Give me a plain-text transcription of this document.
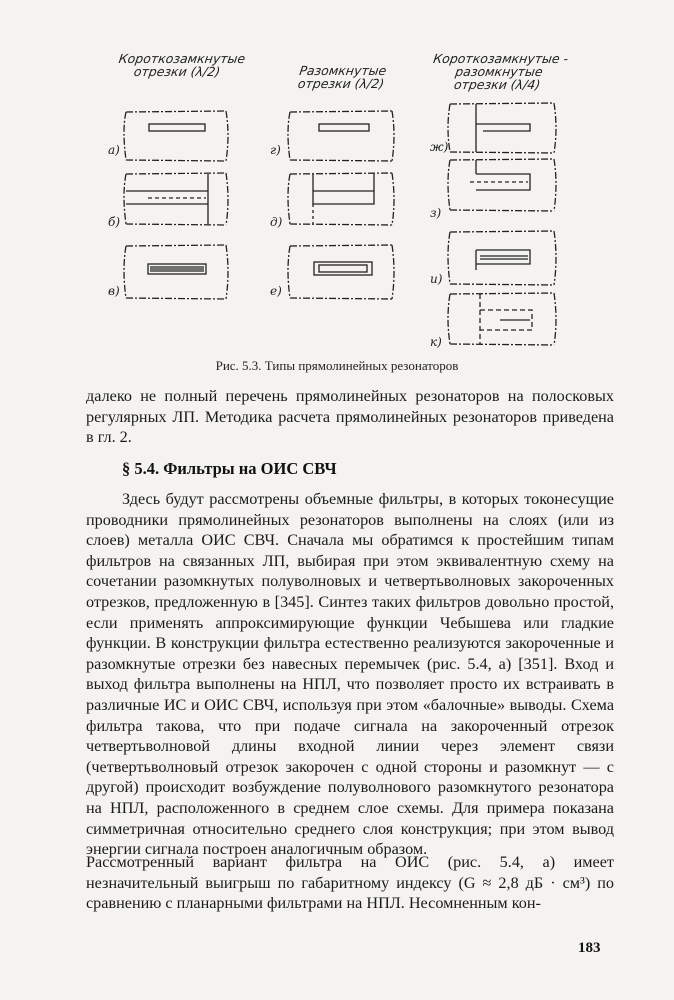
Короткозамкнутые
отрезки (λ/2)	Разомкнутые
отрезки (λ/2)
Короткозамкнутые -
разомкнутые
отрезки (λ/4)
а)
б)
в)
г)
д)
е)
ж)
з)
и)
к)
Рис. 5.3. Типы прямолинейных резонаторов

далеко не полный перечень прямолинейных резонаторов на полосковых регулярных ЛП. Методика расчета прямолинейных резонаторов приведена в гл. 2.

§ 5.4. Фильтры на ОИС СВЧ

Здесь будут рассмотрены объемные фильтры, в которых токонесущие проводники прямолинейных резонаторов выполнены на слоях (или из слоев) металла ОИС СВЧ. Сначала мы обратимся к простейшим типам фильтров на связанных ЛП, выбирая при этом эквивалентную схему на сочетании разомкнутых полуволновых и четвертьволновых закороченных отрезков, предложенную в [345]. Синтез таких фильтров довольно простой, если применять аппроксимирующие функции Чебышева или гладкие функции. В конструкции фильтра естественно реализуются закороченные и разомкнутые отрезки без навесных перемычек (рис. 5.4, а) [351]. Вход и выход фильтра выполнены на НПЛ, что позволяет просто их встраивать в различные ИС и ОИС СВЧ, используя при этом «балочные» выводы. Схема фильтра такова, что при подаче сигнала на закороченный отрезок четвертьволновой длины входной линии через элемент связи (четвертьволновый отрезок закорочен с одной стороны и разомкнут — с другой) происходит возбуждение полуволнового разомкнутого резонатора на НПЛ, расположенного в среднем слое схемы. Для примера показана симметричная относительно среднего слоя конструкция; при этом вывод энергии сигнала построен аналогичным образом.

Рассмотренный вариант фильтра на ОИС (рис. 5.4, а) имеет незначительный выигрыш по габаритному индексу (G ≈ 2,8 дБ · см³) по сравнению с планарными фильтрами на НПЛ. Несомненным кон-

183
